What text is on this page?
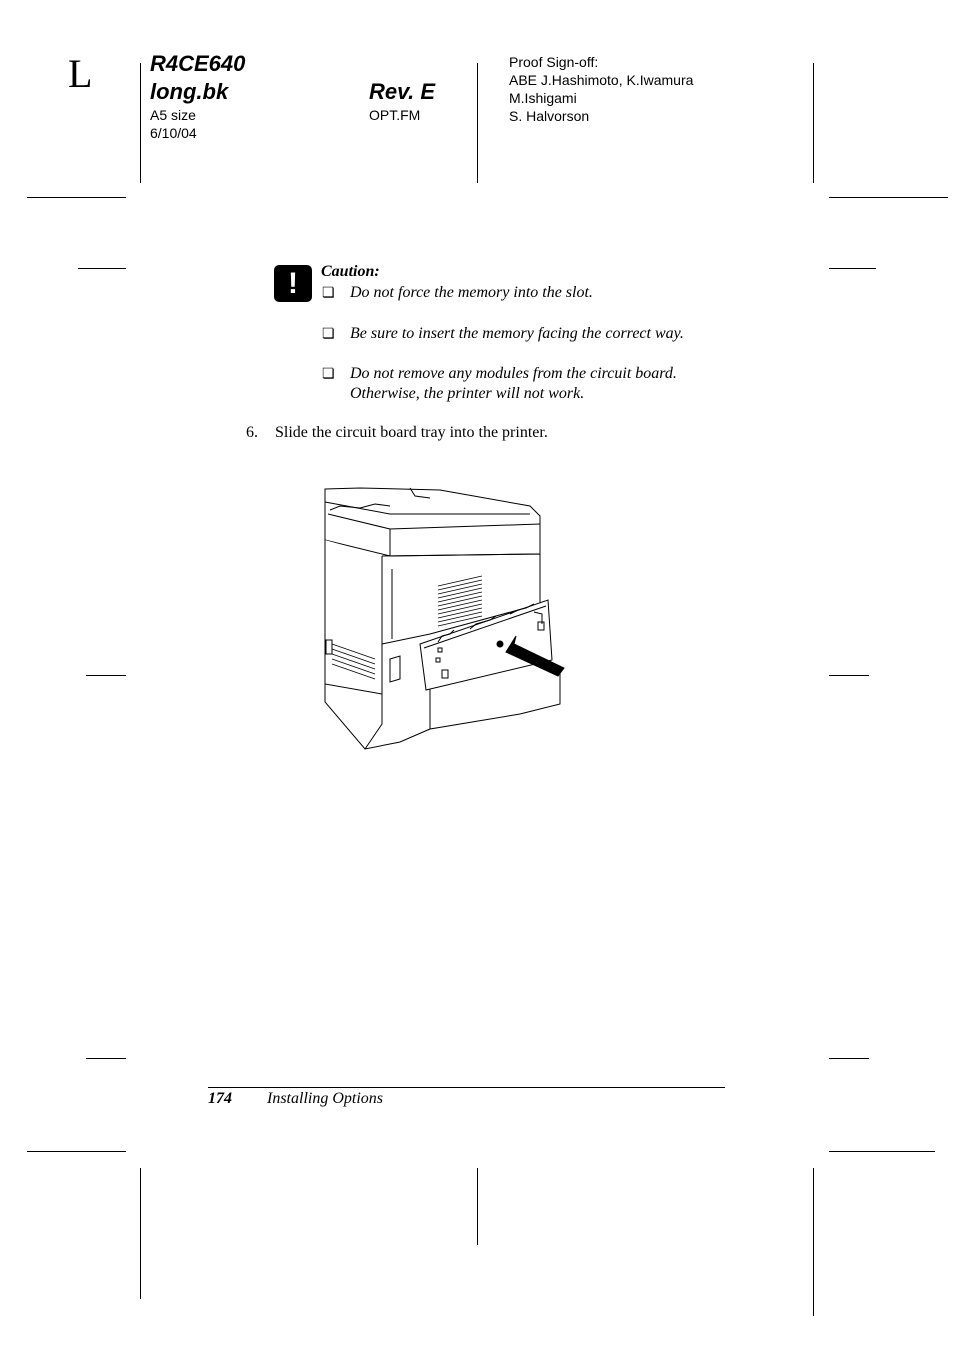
L	R4CE640
long.bk
A5 size
6/10/04
Rev. E
OPT.FM
Proof Sign-off:
ABE J.Hashimoto, K.Iwamura
M.Ishigami
S. Halvorson
!	Caution:
❏ Do not force the memory into the slot.
❏ Be sure to insert the memory facing the correct way.
❏ Do not remove any modules from the circuit board. Otherwise, the printer will not work.
6. Slide the circuit board tray into the printer.
174 Installing Options
